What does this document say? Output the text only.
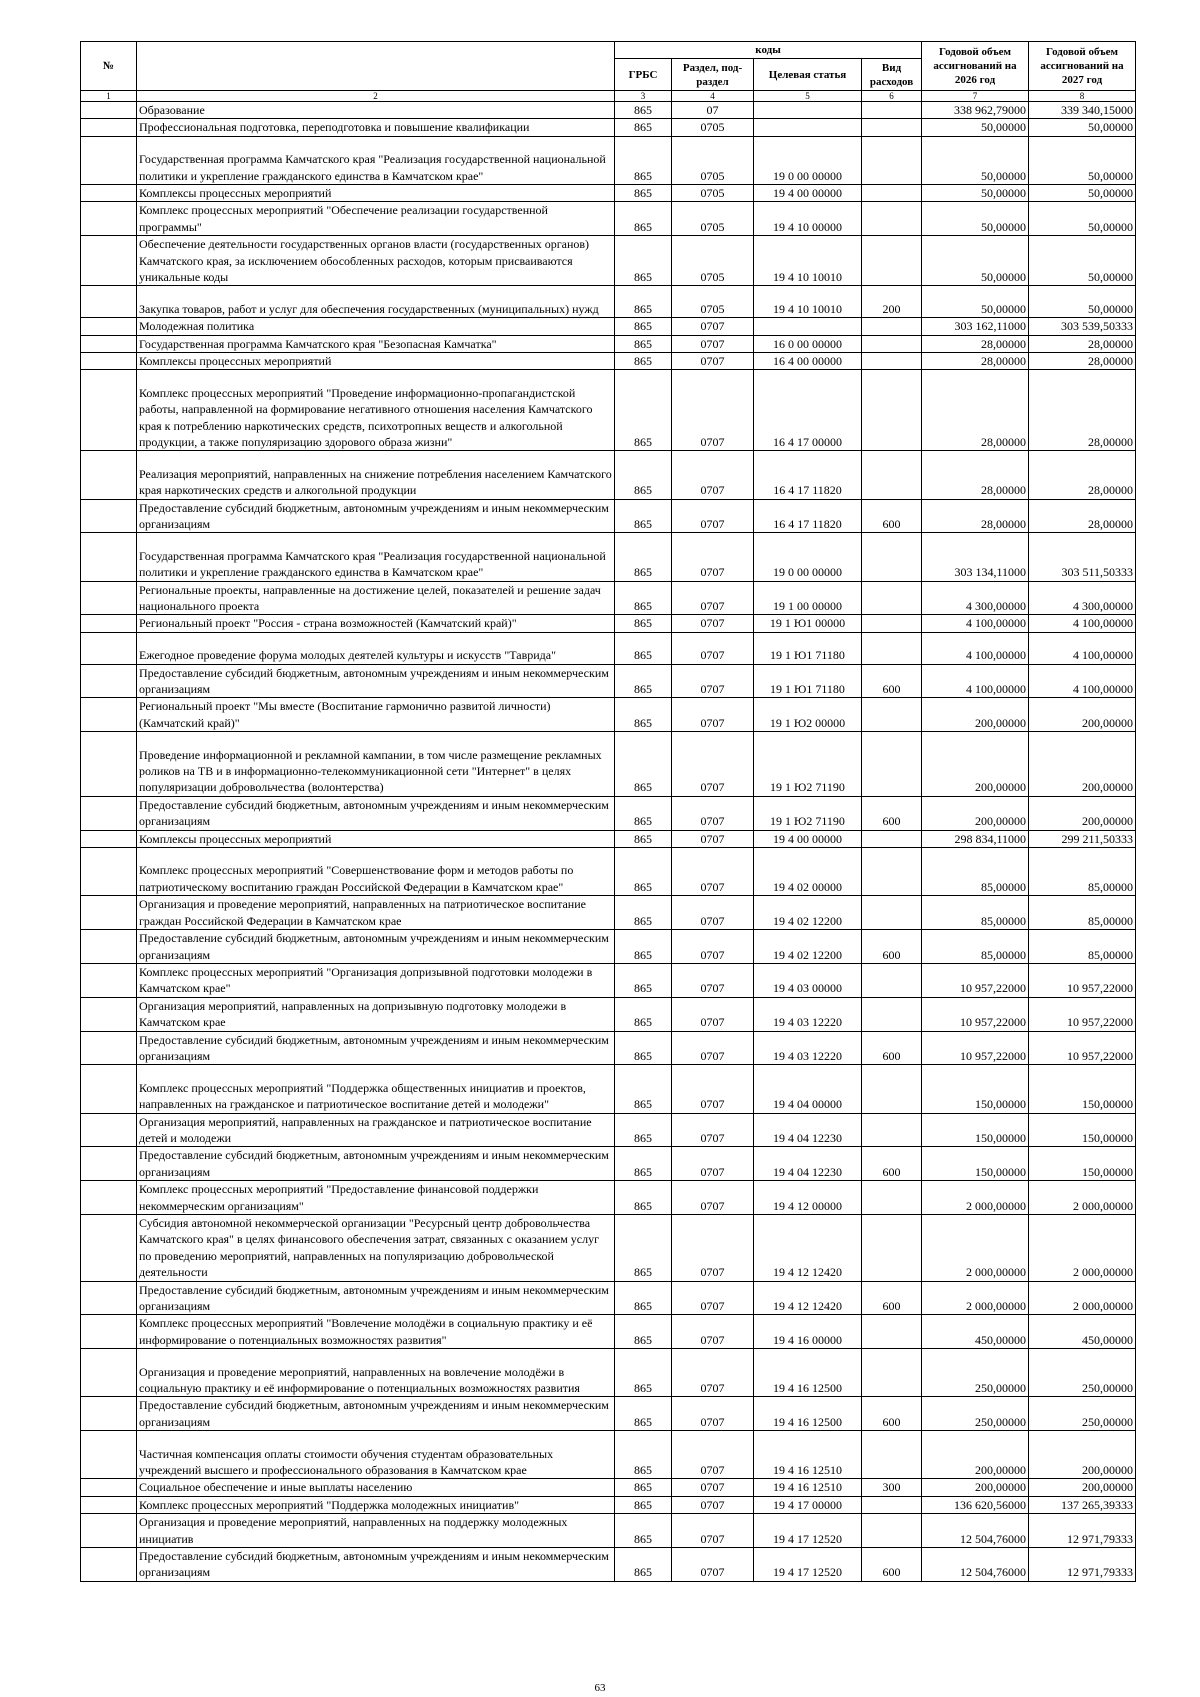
№		коды				Годовой объем ассигнований на 2026 год	Годовой объем ассигнований на 2027 год
		ГРБС	Раздел, под-раздел	Целевая статья	Вид расходов		
1	2	3	4	5	6	7	8
	Образование	865	07			338 962,79000	339 340,15000
	Профессиональная подготовка, переподготовка и повышение квалификации	865	0705			50,00000	50,00000
	Государственная программа Камчатского края "Реализация государственной национальной политики и укрепление гражданского единства в Камчатском крае"	865	0705	19 0 00 00000		50,00000	50,00000
	Комплексы процессных мероприятий	865	0705	19 4 00 00000		50,00000	50,00000
	Комплекс процессных мероприятий "Обеспечение реализации государственной программы"	865	0705	19 4 10 00000		50,00000	50,00000
	Обеспечение деятельности государственных органов власти (государственных органов) Камчатского края, за исключением обособленных расходов, которым присваиваются уникальные коды	865	0705	19 4 10 10010		50,00000	50,00000
	Закупка товаров, работ и услуг для обеспечения государственных (муниципальных) нужд	865	0705	19 4 10 10010	200	50,00000	50,00000
	Молодежная политика	865	0707			303 162,11000	303 539,50333
	Государственная программа Камчатского края "Безопасная Камчатка"	865	0707	16 0 00 00000		28,00000	28,00000
	Комплексы процессных мероприятий	865	0707	16 4 00 00000		28,00000	28,00000
	Комплекс процессных мероприятий "Проведение информационно-пропагандистской работы, направленной на формирование негативного отношения населения Камчатского края к потреблению наркотических средств, психотропных веществ и алкогольной продукции, а также популяризацию здорового образа жизни"	865	0707	16 4 17 00000		28,00000	28,00000
	Реализация мероприятий, направленных на снижение потребления населением Камчатского края наркотических средств и алкогольной продукции	865	0707	16 4 17 11820		28,00000	28,00000
	Предоставление субсидий бюджетным, автономным учреждениям и иным некоммерческим организациям	865	0707	16 4 17 11820	600	28,00000	28,00000
	Государственная программа Камчатского края "Реализация государственной национальной политики и укрепление гражданского единства в Камчатском крае"	865	0707	19 0 00 00000		303 134,11000	303 511,50333
	Региональные проекты, направленные на достижение целей, показателей и решение задач национального проекта	865	0707	19 1 00 00000		4 300,00000	4 300,00000
	Региональный проект "Россия - страна возможностей (Камчатский край)"	865	0707	19 1 Ю1 00000		4 100,00000	4 100,00000
	Ежегодное проведение форума молодых деятелей культуры и искусств "Таврида"	865	0707	19 1 Ю1 71180		4 100,00000	4 100,00000
	Предоставление субсидий бюджетным, автономным учреждениям и иным некоммерческим организациям	865	0707	19 1 Ю1 71180	600	4 100,00000	4 100,00000
	Региональный проект "Мы вместе (Воспитание гармонично развитой личности) (Камчатский край)"	865	0707	19 1 Ю2 00000		200,00000	200,00000
	Проведение информационной и рекламной кампании, в том числе размещение рекламных роликов на ТВ и в информационно-телекоммуникационной сети "Интернет" в целях популяризации добровольчества (волонтерства)	865	0707	19 1 Ю2 71190		200,00000	200,00000
	Предоставление субсидий бюджетным, автономным учреждениям и иным некоммерческим организациям	865	0707	19 1 Ю2 71190	600	200,00000	200,00000
	Комплексы процессных мероприятий	865	0707	19 4 00 00000		298 834,11000	299 211,50333
	Комплекс процессных мероприятий "Совершенствование форм и методов работы по патриотическому воспитанию граждан Российской Федерации в Камчатском крае"	865	0707	19 4 02 00000		85,00000	85,00000
	Организация и проведение мероприятий, направленных на патриотическое воспитание граждан Российской Федерации в Камчатском крае	865	0707	19 4 02 12200		85,00000	85,00000
	Предоставление субсидий бюджетным, автономным учреждениям и иным некоммерческим организациям	865	0707	19 4 02 12200	600	85,00000	85,00000
	Комплекс процессных мероприятий "Организация допризывной подготовки молодежи в Камчатском крае"	865	0707	19 4 03 00000		10 957,22000	10 957,22000
	Организация мероприятий, направленных на допризывную подготовку молодежи в Камчатском крае	865	0707	19 4 03 12220		10 957,22000	10 957,22000
	Предоставление субсидий бюджетным, автономным учреждениям и иным некоммерческим организациям	865	0707	19 4 03 12220	600	10 957,22000	10 957,22000
	Комплекс процессных мероприятий "Поддержка общественных инициатив и проектов, направленных на гражданское и патриотическое воспитание детей и молодежи"	865	0707	19 4 04 00000		150,00000	150,00000
	Организация мероприятий, направленных на гражданское и патриотическое воспитание детей и молодежи	865	0707	19 4 04 12230		150,00000	150,00000
	Предоставление субсидий бюджетным, автономным учреждениям и иным некоммерческим организациям	865	0707	19 4 04 12230	600	150,00000	150,00000
	Комплекс процессных мероприятий "Предоставление финансовой поддержки некоммерческим организациям"	865	0707	19 4 12 00000		2 000,00000	2 000,00000
	Субсидия автономной некоммерческой организации "Ресурсный центр добровольчества Камчатского края" в целях финансового обеспечения затрат, связанных с оказанием услуг по проведению мероприятий, направленных на популяризацию добровольческой деятельности	865	0707	19 4 12 12420		2 000,00000	2 000,00000
	Предоставление субсидий бюджетным, автономным учреждениям и иным некоммерческим организациям	865	0707	19 4 12 12420	600	2 000,00000	2 000,00000
	Комплекс процессных мероприятий "Вовлечение молодёжи в социальную практику и её информирование о потенциальных возможностях развития"	865	0707	19 4 16 00000		450,00000	450,00000
	Организация и проведение мероприятий, направленных на вовлечение молодёжи в социальную практику и её информирование о потенциальных возможностях развития	865	0707	19 4 16 12500		250,00000	250,00000
	Предоставление субсидий бюджетным, автономным учреждениям и иным некоммерческим организациям	865	0707	19 4 16 12500	600	250,00000	250,00000
	Частичная компенсация оплаты стоимости обучения студентам образовательных учреждений высшего и профессионального образования в Камчатском крае	865	0707	19 4 16 12510		200,00000	200,00000
	Социальное обеспечение и иные выплаты населению	865	0707	19 4 16 12510	300	200,00000	200,00000
	Комплекс процессных мероприятий "Поддержка молодежных инициатив"	865	0707	19 4 17 00000		136 620,56000	137 265,39333
	Организация и проведение мероприятий, направленных на поддержку молодежных инициатив	865	0707	19 4 17 12520		12 504,76000	12 971,79333
	Предоставление субсидий бюджетным, автономным учреждениям и иным некоммерческим организациям	865	0707	19 4 17 12520	600	12 504,76000	12 971,79333
63
